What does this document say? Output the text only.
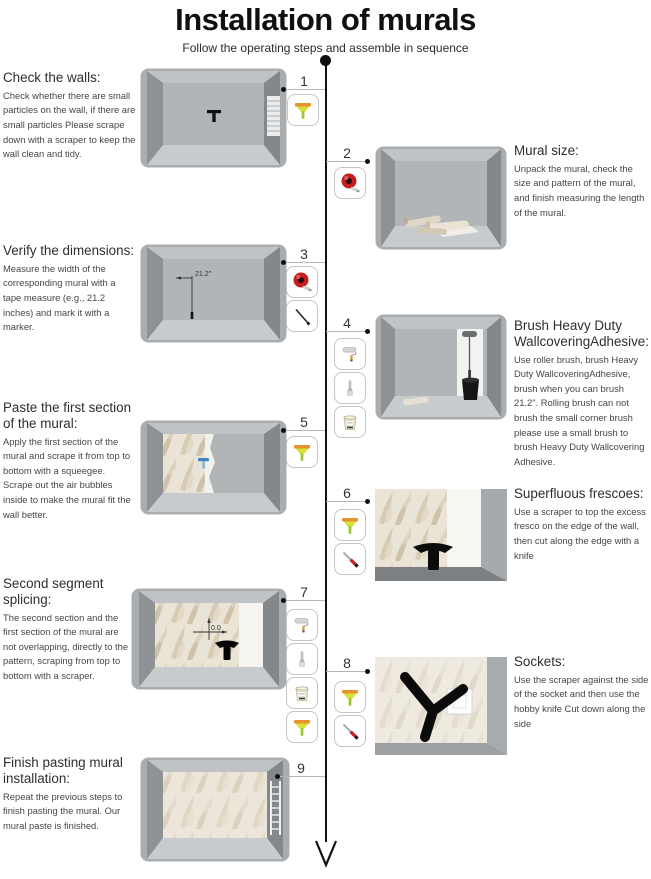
Installation of murals
Follow the operating steps and assemble in sequence
Check the walls:

Check whether there are small particles on the wall, if there are small particles Please scrape down with a scraper to keep the wall clean and tidy.

1
2	Mural size:

Unpack the mural, check the size and pattern of the mural, and finish measuring the length of the mural.

Verify the dimensions:

Measure the width of the corresponding mural with a tape measure (e.g., 21.2 inches) and mark it with a marker.

21.2"
3
4	Brush Heavy Duty WallcoveringAdhesive:

Use roller brush, brush Heavy Duty WallcoveringAdhesive, brush when you can brush 21.2". Rolling brush can not brush the small corner brush please use a small brush to brush Heavy Duty Wallcovering Adhesive.

Paste the first section of the mural:

Apply the first section of the mural and scrape it from top to bottom with a squeegee. Scrape out the air bubbles inside to make the mural fit the wall better.

5
6	Superfluous frescoes:

Use a scraper to top the excess fresco on the edge of the wall, then cut along the edge with a knife

Second segment splicing:

The second section and the first section of the mural are not overlapping, directly to the pattern, scraping from top to bottom with a scraper.

0.0
7
8	Sockets:

Use the scraper against the side of the socket and then use the hobby knife Cut down along the side

Finish pasting mural installation:

Repeat the previous steps to finish pasting the mural. Our mural paste is finished.

9
